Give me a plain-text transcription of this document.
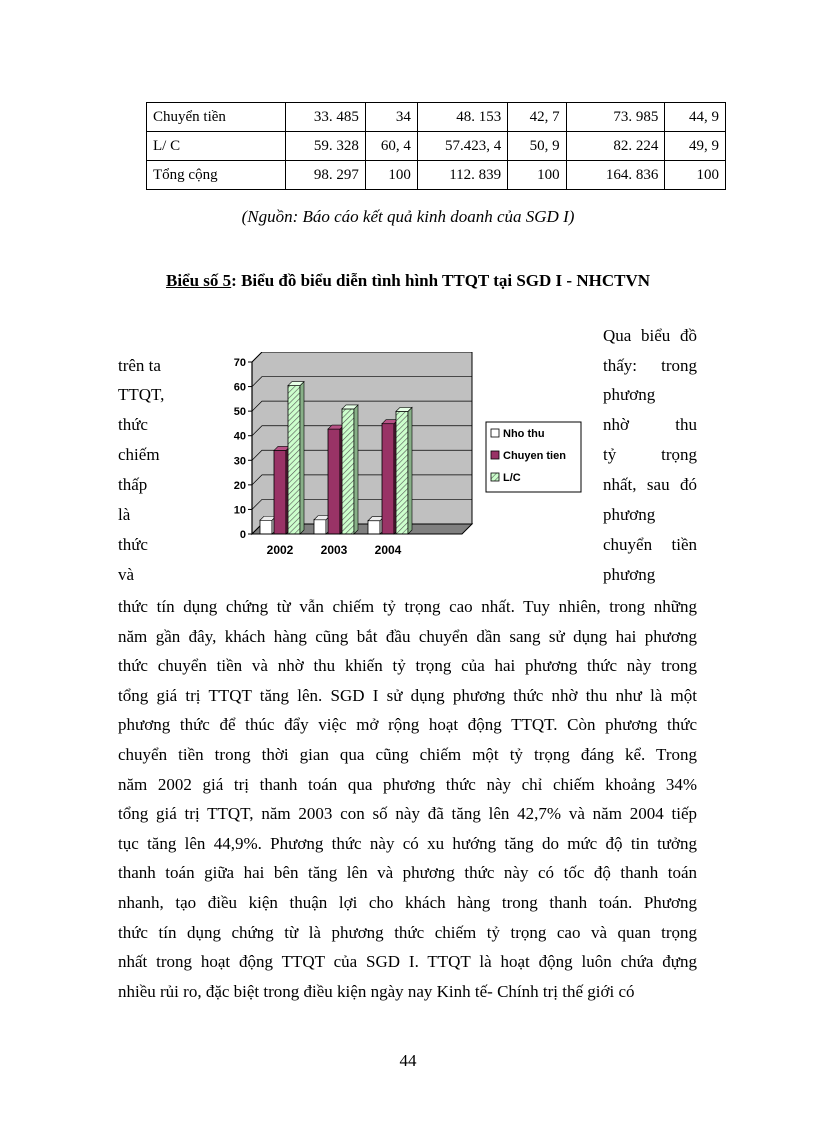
Chuyển tiền	33. 485	34	48. 153	42, 7	73. 985	44, 9
L/ C	59. 328	60, 4	57.423, 4	50, 9	82. 224	49, 9
Tổng cộng	98. 297	100	112. 839	100	164. 836	100
(Nguồn: Báo cáo kết quả kinh doanh của SGD I)
Biểu số 5: Biểu đồ biểu diễn tình hình TTQT tại SGD I - NHCTVN
trên ta
TTQT,
thức
chiếm
thấp
là
thức
và
Qua biểu đồ
thấy: trong
phương
nhờ thu
tỷ trọng
nhất, sau đó
phương
chuyển tiền
phương
0
10
20
30
40
50
60
70
2002 2003 2004
Nho thu
Chuyen tien
L/C

thức tín dụng chứng từ vẫn chiếm tỷ trọng cao nhất. Tuy nhiên, trong những

năm gần đây, khách hàng cũng bắt đầu chuyển dần sang sử dụng hai phương

thức chuyển tiền và nhờ thu khiến tỷ trọng của hai phương thức này trong

tổng giá trị TTQT tăng lên. SGD I sử dụng phương thức nhờ thu như là một

phương thức để thúc đẩy việc mở rộng hoạt động TTQT. Còn phương thức

chuyển tiền trong thời gian qua cũng chiếm một tỷ trọng đáng kể. Trong

năm 2002 giá trị thanh toán qua phương thức này chỉ chiếm khoảng 34%

tổng giá trị TTQT, năm 2003 con số này đã tăng lên 42,7% và năm 2004 tiếp

tục tăng lên 44,9%. Phương thức này có xu hướng tăng do mức độ tin tưởng

thanh toán giữa hai bên tăng lên và phương thức này có tốc độ thanh toán

nhanh, tạo điều kiện thuận lợi cho khách hàng trong thanh toán. Phương

thức tín dụng chứng từ là phương thức chiếm tỷ trọng cao và quan trọng

nhất trong hoạt động TTQT của SGD I. TTQT là hoạt động luôn chứa đựng

nhiều rủi ro, đặc biệt trong điều kiện ngày nay Kinh tế- Chính trị thế giới có

44
